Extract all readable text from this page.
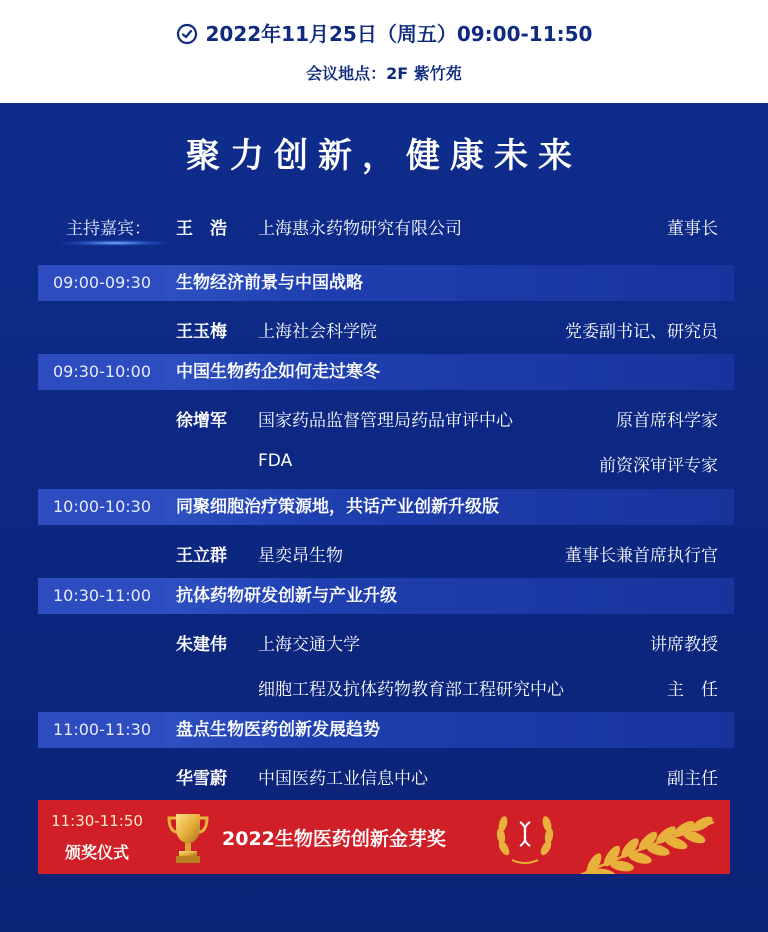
2022年11月25日（周五）09:00-11:50
会议地点：2F 紫竹苑
聚力创新，健康未来
主持嘉宾： 王　浩 上海惠永药物研究有限公司	董事长
09:00-09:30	生物经济前景与中国战略
王玉梅 上海社会科学院	党委副书记、研究员
09:30-10:00	中国生物药企如何走过寒冬
徐增军 国家药品监督管理局药品审评中心	原首席科学家
FDA	前资深审评专家
10:00-10:30	同聚细胞治疗策源地，共话产业创新升级版
王立群 星奕昂生物	董事长兼首席执行官
10:30-11:00	抗体药物研发创新与产业升级
朱建伟 上海交通大学	讲席教授
细胞工程及抗体药物教育部工程研究中心	主　任
11:00-11:30	盘点生物医药创新发展趋势
华雪蔚 中国医药工业信息中心	副主任
11:30-11:50
颁奖仪式
2022生物医药创新金芽奖
